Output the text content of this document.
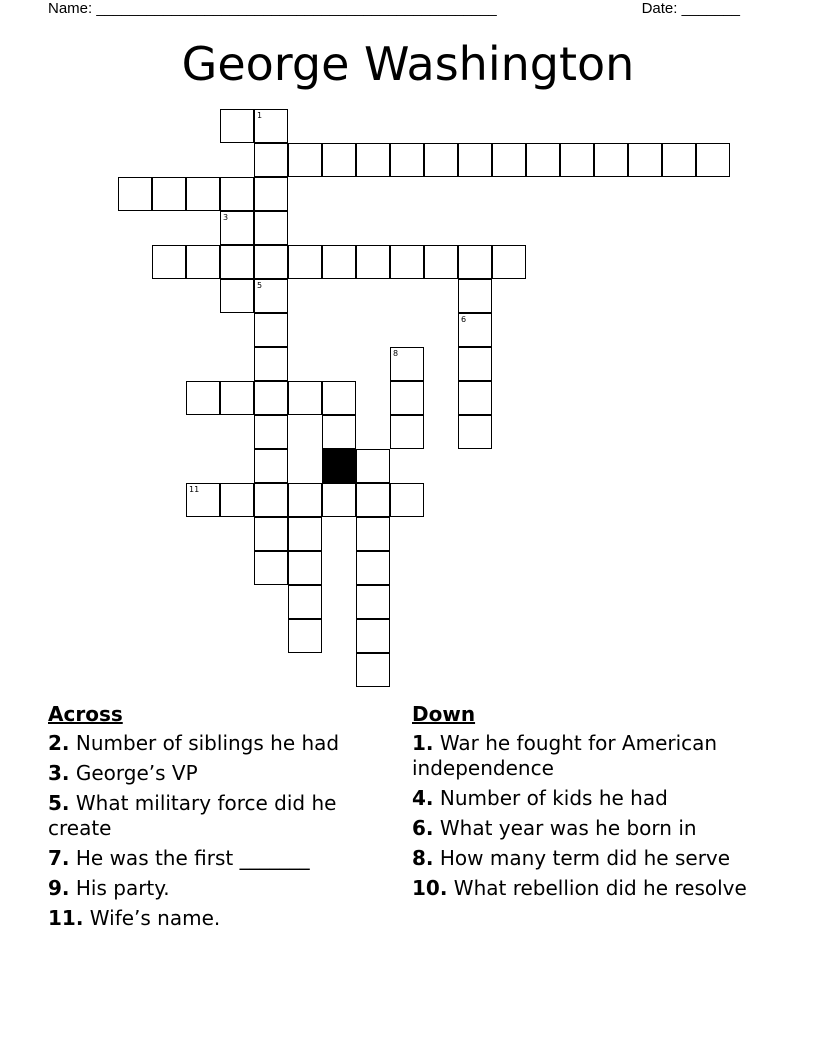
Name: ________________________________________________	Date: _______
George Washington
1
5
3
6
8
10
11
Across
2. Number of siblings he had
3. George’s VP
5. What military force did he create
7. He was the first _______
9. His party.
11. Wife’s name.
Down
1. War he fought for American independence
4. Number of kids he had
6. What year was he born in
8. How many term did he serve
10. What rebellion did he resolve
